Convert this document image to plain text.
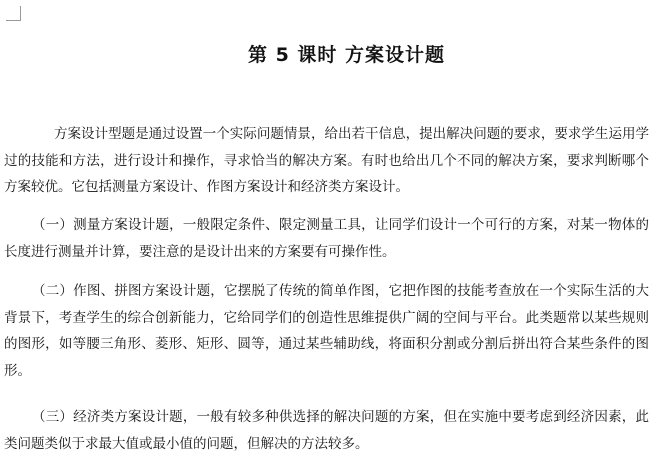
第 5 课时 方案设计题

方案设计型题是通过设置一个实际问题情景，给出若干信息，提出解决问题的要求，要求学生运用学过的技能和方法，进行设计和操作，寻求恰当的解决方案。有时也给出几个不同的解决方案，要求判断哪个方案较优。它包括测量方案设计、作图方案设计和经济类方案设计。

（一）测量方案设计题，一般限定条件、限定测量工具，让同学们设计一个可行的方案，对某一物体的长度进行测量并计算，要注意的是设计出来的方案要有可操作性。

（二）作图、拼图方案设计题，它摆脱了传统的简单作图，它把作图的技能考查放在一个实际生活的大背景下，考查学生的综合创新能力，它给同学们的创造性思维提供广阔的空间与平台。此类题常以某些规则的图形，如等腰三角形、菱形、矩形、圆等，通过某些辅助线，将面积分割或分割后拼出符合某些条件的图形。

（三）经济类方案设计题，一般有较多种供选择的解决问题的方案，但在实施中要考虑到经济因素，此类问题类似于求最大值或最小值的问题，但解决的方法较多。
